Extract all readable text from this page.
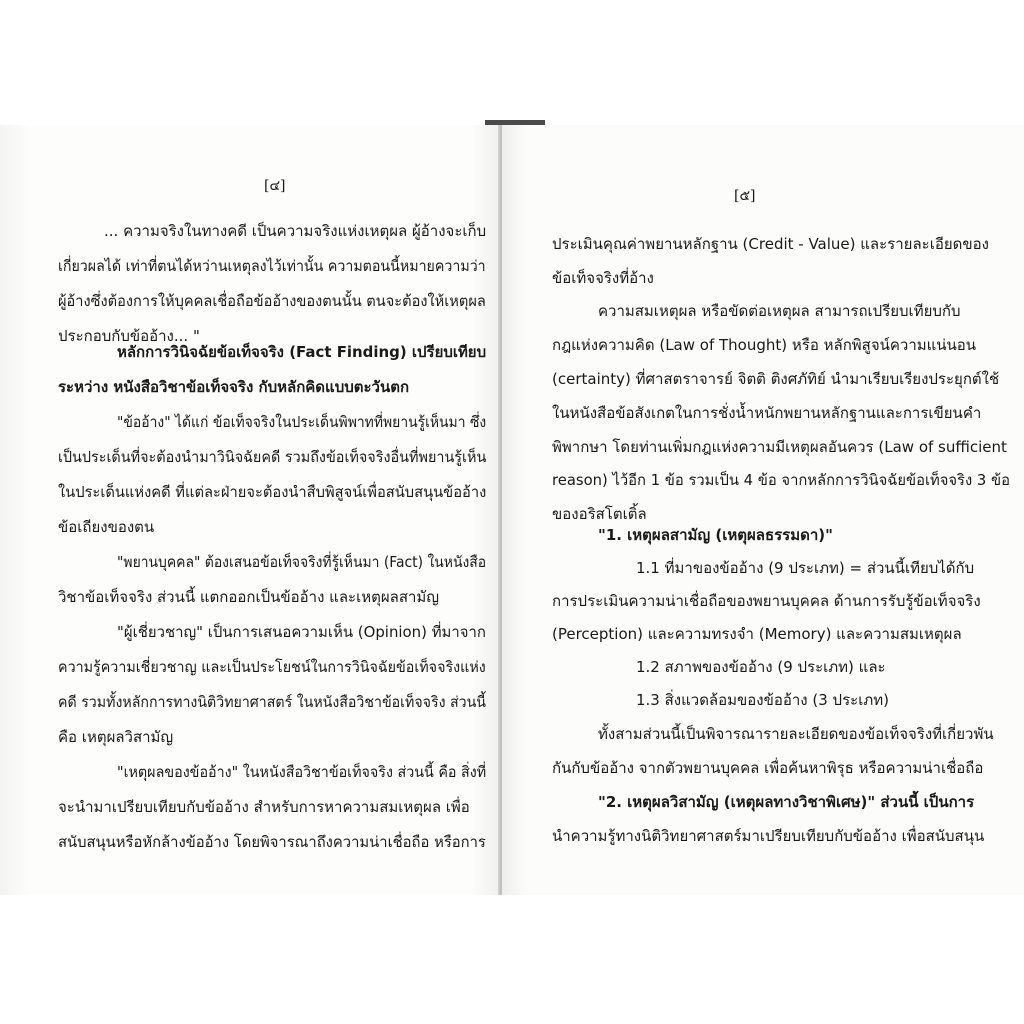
[๔]
... ความจริงในทางคดี เป็นความจริงแห่งเหตุผล ผู้อ้างจะเก็บ
เกี่ยวผลได้ เท่าที่ตนได้หว่านเหตุลงไว้เท่านั้น ความตอนนี้หมายความว่า
ผู้อ้างซึ่งต้องการให้บุคคลเชื่อถือข้ออ้างของตนนั้น ตนจะต้องให้เหตุผล
ประกอบกับข้ออ้าง... "
หลักการวินิจฉัยข้อเท็จจริง (Fact Finding) เปรียบเทียบ
ระหว่าง หนังสือวิชาข้อเท็จจริง กับหลักคิดแบบตะวันตก
"ข้ออ้าง" ได้แก่ ข้อเท็จจริงในประเด็นพิพาทที่พยานรู้เห็นมา ซึ่ง
เป็นประเด็นที่จะต้องนำมาวินิจฉัยคดี รวมถึงข้อเท็จจริงอื่นที่พยานรู้เห็น
ในประเด็นแห่งคดี ที่แต่ละฝ่ายจะต้องนำสืบพิสูจน์เพื่อสนับสนุนข้ออ้าง
ข้อเถียงของตน
"พยานบุคคล" ต้องเสนอข้อเท็จจริงที่รู้เห็นมา (Fact) ในหนังสือ
วิชาข้อเท็จจริง ส่วนนี้ แตกออกเป็นข้ออ้าง และเหตุผลสามัญ
"ผู้เชี่ยวชาญ" เป็นการเสนอความเห็น (Opinion) ที่มาจาก
ความรู้ความเชี่ยวชาญ และเป็นประโยชน์ในการวินิจฉัยข้อเท็จจริงแห่ง
คดี รวมทั้งหลักการทางนิติวิทยาศาสตร์ ในหนังสือวิชาข้อเท็จจริง ส่วนนี้
คือ เหตุผลวิสามัญ
"เหตุผลของข้ออ้าง" ในหนังสือวิชาข้อเท็จจริง ส่วนนี้ คือ สิ่งที่
จะนำมาเปรียบเทียบกับข้ออ้าง สำหรับการหาความสมเหตุผล เพื่อ
สนับสนุนหรือหักล้างข้ออ้าง โดยพิจารณาถึงความน่าเชื่อถือ หรือการ
[๕]
ประเมินคุณค่าพยานหลักฐาน (Credit - Value) และรายละเอียดของ
ข้อเท็จจริงที่อ้าง
ความสมเหตุผล หรือขัดต่อเหตุผล สามารถเปรียบเทียบกับ
กฎแห่งความคิด (Law of Thought) หรือ หลักพิสูจน์ความแน่นอน
(certainty) ที่ศาสตราจารย์ จิตติ ติงศภัทิย์ นำมาเรียบเรียงประยุกต์ใช้
ในหนังสือข้อสังเกตในการชั่งน้ำหนักพยานหลักฐานและการเขียนคำ
พิพากษา โดยท่านเพิ่มกฎแห่งความมีเหตุผลอันควร (Law of sufficient
reason) ไว้อีก 1 ข้อ รวมเป็น 4 ข้อ จากหลักการวินิจฉัยข้อเท็จจริง 3 ข้อ
ของอริสโตเติ้ล
"1. เหตุผลสามัญ (เหตุผลธรรมดา)"
1.1 ที่มาของข้ออ้าง (9 ประเภท) = ส่วนนี้เทียบได้กับ
การประเมินความน่าเชื่อถือของพยานบุคคล ด้านการรับรู้ข้อเท็จจริง
(Perception) และความทรงจำ (Memory) และความสมเหตุผล
1.2 สภาพของข้ออ้าง (9 ประเภท) และ
1.3 สิ่งแวดล้อมของข้ออ้าง (3 ประเภท)
ทั้งสามส่วนนี้เป็นพิจารณารายละเอียดของข้อเท็จจริงที่เกี่ยวพัน
กันกับข้ออ้าง จากตัวพยานบุคคล เพื่อค้นหาพิรุธ หรือความน่าเชื่อถือ
"2. เหตุผลวิสามัญ (เหตุผลทางวิชาพิเศษ)" ส่วนนี้ เป็นการ
นำความรู้ทางนิติวิทยาศาสตร์มาเปรียบเทียบกับข้ออ้าง เพื่อสนับสนุน
